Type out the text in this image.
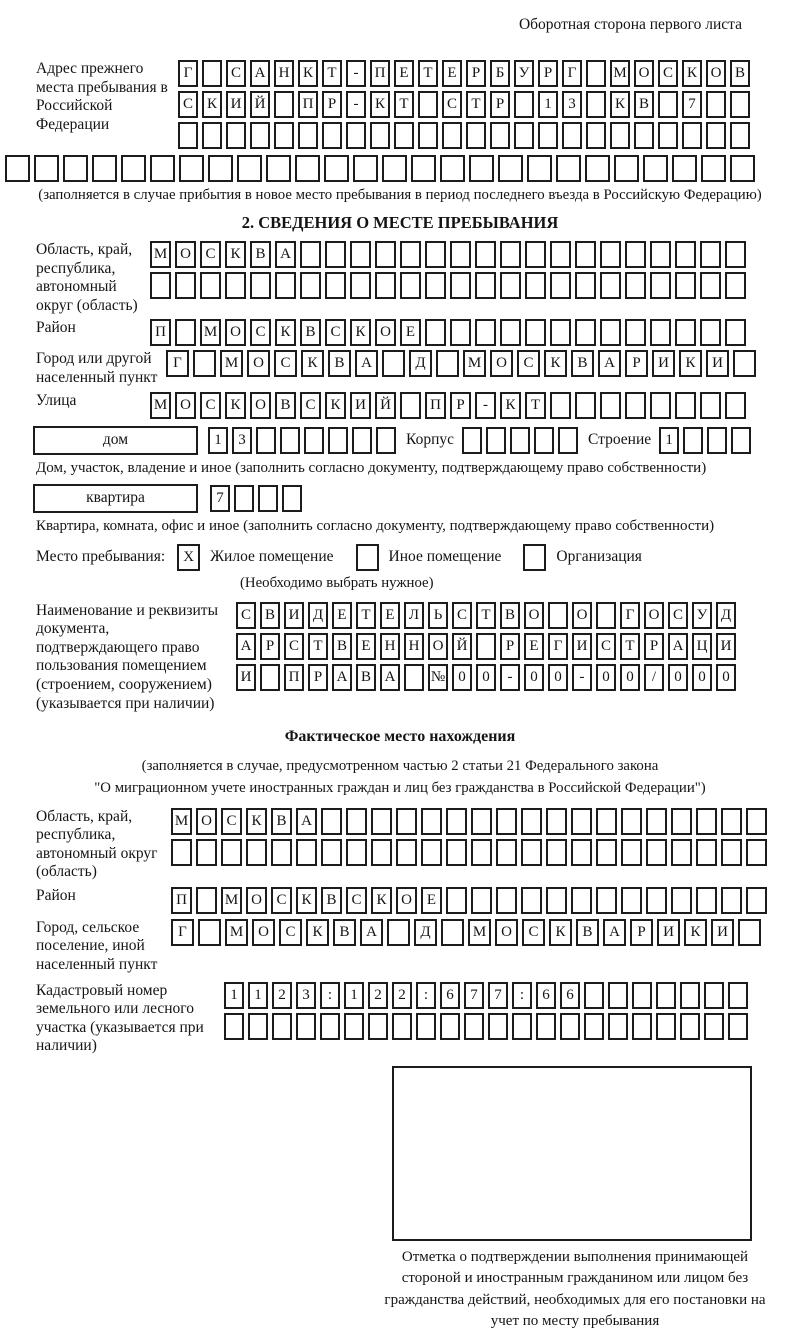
Оборотная сторона первого листа
Адрес прежнего места пребывания в Российской Федерации
Г	С А Н К Т	-	П Е Т Е	Р	Б У Р	Г	М О С К О В
С К И Й	П Р	-	К Т	С Т	Р	1	3	К В	7
(заполняется в случае прибытия в новое место пребывания в период последнего въезда в Российскую Федерацию)
2. СВЕДЕНИЯ О МЕСТЕ ПРЕБЫВАНИЯ
Область, край, республика, автономный округ (область)
М О С К В А
Район	П	М О С К В С К О Е
Город или другой населенный пункт
Г	М О	С	К	В	А	Д	М О	С	К	В	А	Р	И	К	И
Улица	М О С К О В С К И Й	П	Р	-	К	Т
дом	1	3	Корпус	Строение 1
Дом, участок, владение и иное (заполнить согласно документу, подтверждающему право собственности)
квартира	7
Квартира, комната, офис и иное (заполнить согласно документу, подтверждающему право собственности)
Место пребывания:	X	Жилое помещение	Иное помещение	Организация
(Необходимо выбрать нужное)
Наименование и реквизиты документа, подтверждающего право пользования помещением (строением, сооружением) (указывается при наличии)
С В И Д Е Т Е Л Ь С Т В О	О	Г О С У Д
А Р С Т В Е Н Н О Й	Р	Е	Г И С Т	Р А Ц И
И	П Р А В А	№ 0	0	-	0	0	-	0	0	/	0	0	0
Фактическое место нахождения
(заполняется в случае, предусмотренном частью 2 статьи 21 Федерального закона
"О миграционном учете иностранных граждан и лиц без гражданства в Российской Федерации")
Область, край, республика, автономный округ (область)
М О С К В А
Район	П	М О С К В С К О Е
Город, сельское поселение, иной населенный пункт
Г	М О	С	К	В	А	Д	М О	С	К	В	А	Р	И	К	И
Кадастровый номер земельного или лесного участка (указывается при наличии)
1	1	2	3	:	1	2	2	:	6	7	7	:	6	6
Отметка о подтверждении выполнения принимающей стороной и иностранным гражданином или лицом без гражданства действий, необходимых для его постановки на учет по месту пребывания
